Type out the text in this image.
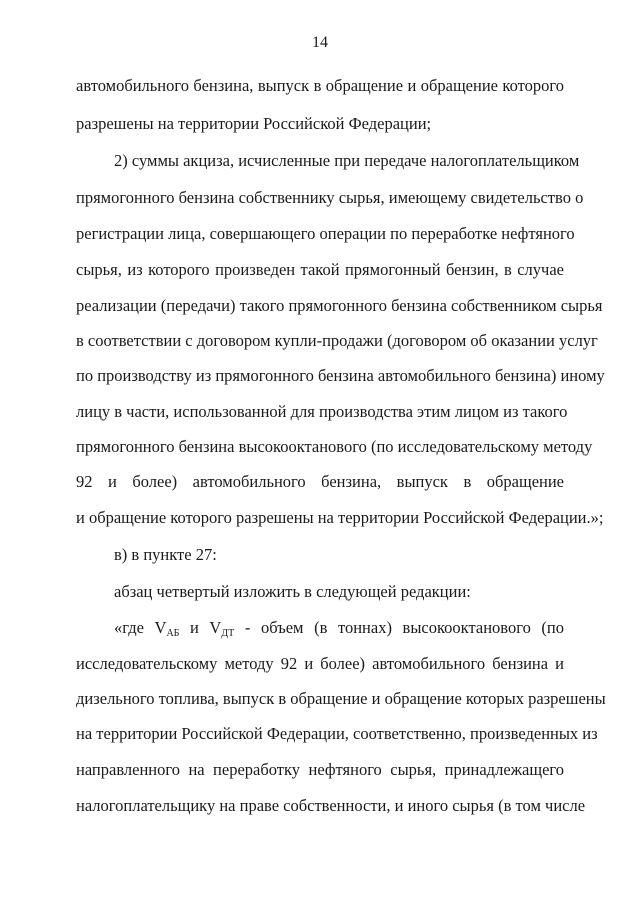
14
автомобильного бензина, выпуск в обращение и обращение которого
разрешены на территории Российской Федерации;
2) суммы акциза, исчисленные при передаче налогоплательщиком
прямогонного бензина собственнику сырья, имеющему свидетельство о
регистрации лица, совершающего операции по переработке нефтяного
сырья, из которого произведен такой прямогонный бензин, в случае
реализации (передачи) такого прямогонного бензина собственником сырья
в соответствии с договором купли-продажи (договором об оказании услуг
по производству из прямогонного бензина автомобильного бензина) иному
лицу в части, использованной для производства этим лицом из такого
прямогонного бензина высокооктанового (по исследовательскому методу
92 и более) автомобильного бензина, выпуск в обращение
и обращение которого разрешены на территории Российской Федерации.»;
в) в пункте 27:
абзац четвертый изложить в следующей редакции:
«где $V_{АБ}$ и $V_{ДТ}$ - объем (в тоннах) высокооктанового (по
исследовательскому методу 92 и более) автомобильного бензина и
дизельного топлива, выпуск в обращение и обращение которых разрешены
на территории Российской Федерации, соответственно, произведенных из
направленного на переработку нефтяного сырья, принадлежащего
налогоплательщику на праве собственности, и иного сырья (в том числе
